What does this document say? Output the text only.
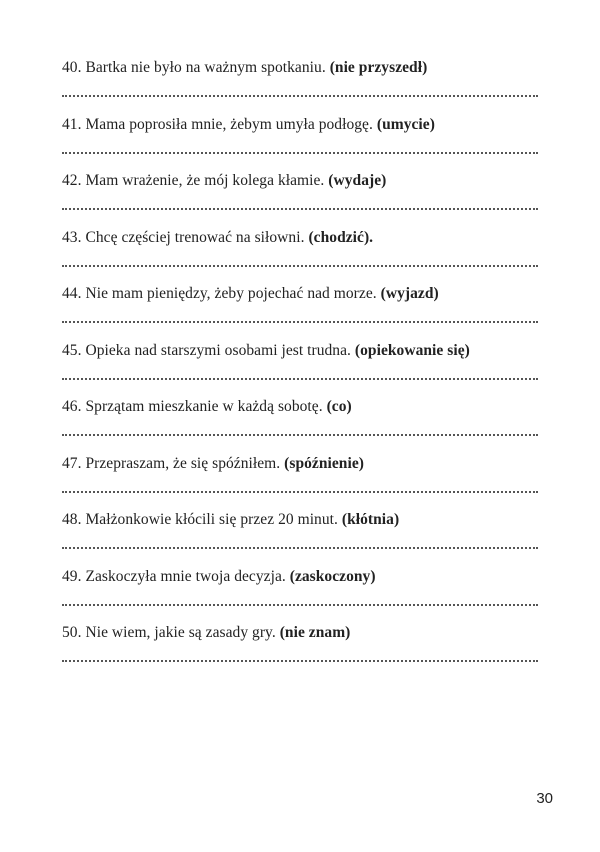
40. Bartka nie było na ważnym spotkaniu. (nie przyszedł)
41. Mama poprosiła mnie, żebym umyła podłogę. (umycie)
42. Mam wrażenie, że mój kolega kłamie. (wydaje)
43. Chcę częściej trenować na siłowni. (chodzić).
44. Nie mam pieniędzy, żeby pojechać nad morze. (wyjazd)
45. Opieka nad starszymi osobami jest trudna. (opiekowanie się)
46. Sprzątam mieszkanie w każdą sobotę. (co)
47. Przepraszam, że się spóźniłem. (spóźnienie)
48. Małżonkowie kłócili się przez 20 minut. (kłótnia)
49. Zaskoczyła mnie twoja decyzja. (zaskoczony)
50. Nie wiem, jakie są zasady gry. (nie znam)
30
